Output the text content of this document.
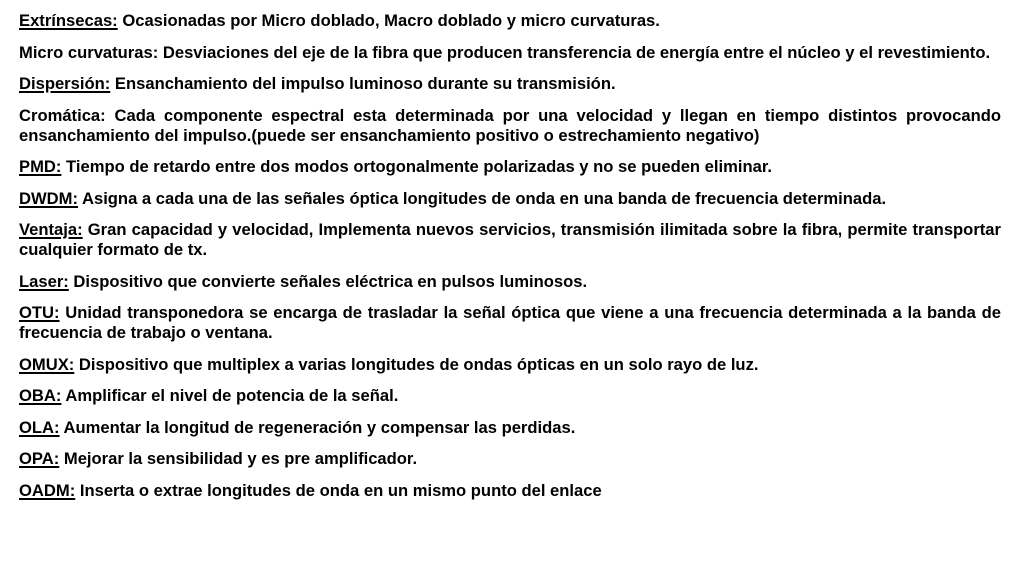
Extrínsecas: Ocasionadas por Micro doblado, Macro doblado y micro curvaturas.

Micro curvaturas: Desviaciones del eje de la fibra que producen transferencia de energía entre el núcleo y el revestimiento.

Dispersión: Ensanchamiento del impulso luminoso durante su transmisión.

Cromática: Cada componente espectral esta determinada por una velocidad y llegan en tiempo distintos provocando ensanchamiento del impulso.(puede ser ensanchamiento positivo o estrechamiento negativo)

PMD: Tiempo de retardo entre dos modos ortogonalmente polarizadas y no se pueden eliminar.

DWDM: Asigna a cada una de las señales óptica longitudes de onda en una banda de frecuencia determinada.

Ventaja: Gran capacidad y velocidad, Implementa nuevos servicios, transmisión ilimitada sobre la fibra, permite transportar cualquier formato de tx.

Laser: Dispositivo que convierte señales eléctrica en pulsos luminosos.

OTU: Unidad transponedora se encarga de trasladar la señal óptica que viene a una frecuencia determinada a la banda de frecuencia de trabajo o ventana.

OMUX: Dispositivo que multiplex a varias longitudes de ondas ópticas en un solo rayo de luz.

OBA: Amplificar el nivel de potencia de la señal.

OLA: Aumentar la longitud de regeneración y compensar las perdidas.

OPA: Mejorar la sensibilidad y es pre amplificador.

OADM: Inserta o extrae longitudes de onda en un mismo punto del enlace
